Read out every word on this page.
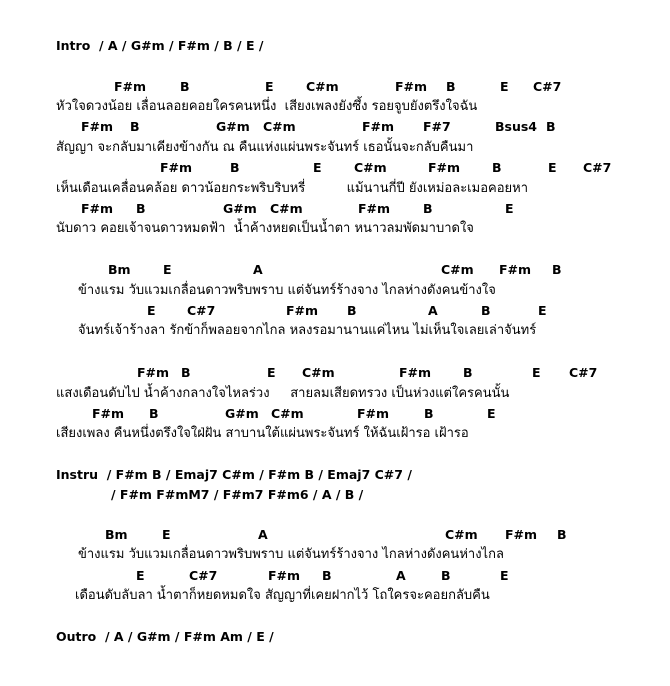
Intro  / A / G#m / F#m / B / E /
F#m	B	E	C#m	F#m B	E C#7
หัวใจดวงน้อย เลื่อนลอยคอยใครคนหนึ่ง  เสียงเพลงยังซึ้ง รอยจูบยังตรึงใจฉัน
F#m B	G#m C#m	F#m F#7	Bsus4 B
สัญญา จะกลับมาเคียงข้างกัน ณ คืนแห่งแผ่นพระจันทร์ เธอนั้นจะกลับคืนมา
F#m	B	E	C#m	F#m	B	E C#7
เห็นเดือนเคลื่อนคล้อย ดาวน้อยกระพริบริบหรี่          แม้นานกี่ปี ยังเหม่อละเมอคอยหา
F#m B	G#m C#m	F#m	B	E
นับดาว คอยเจ้าจนดาวหมดฟ้า  น้ำค้างหยดเป็นน้ำตา หนาวลมพัดมาบาดใจ
Bm	E	A	C#m F#m B
ข้างแรม วับแวมเกลื่อนดาวพริบพราบ แต่จันทร์ร้างจาง ไกลห่างดังคนข้างใจ
E	C#7	F#m B	A	B	E
จันทร์เจ้าร้างลา รักข้าก็พลอยจากไกล หลงรอมานานแค่ไหน ไม่เห็นใจเลยเล่าจันทร์
F#m B	E C#m	F#m	B	E C#7
แสงเดือนดับไป น้ำค้างกลางใจไหลร่วง     สายลมเสียดทรวง เป็นห่วงแต่ใครคนนั้น
F#m B	G#m C#m	F#m	B	E
เสียงเพลง คืนหนึ่งตรึงใจใฝ่ฝัน สาบานใต้แผ่นพระจันทร์ ให้ฉันเฝ้ารอ เฝ้ารอ
Instru  / F#m B / Emaj7 C#m / F#m B / Emaj7 C#7 /
/ F#m F#mM7 / F#m7 F#m6 / A / B /
Bm	E	A	C#m F#m B
ข้างแรม วับแวมเกลื่อนดาวพริบพราบ แต่จันทร์ร้างจาง ไกลห่างดังคนห่างไกล
E	C#7	F#m B	A	B	E
เดือนดับลับลา น้ำตาก็หยดหมดใจ สัญญาที่เคยฝากไว้ โถใครจะคอยกลับคืน
Outro  / A / G#m / F#m Am / E /
